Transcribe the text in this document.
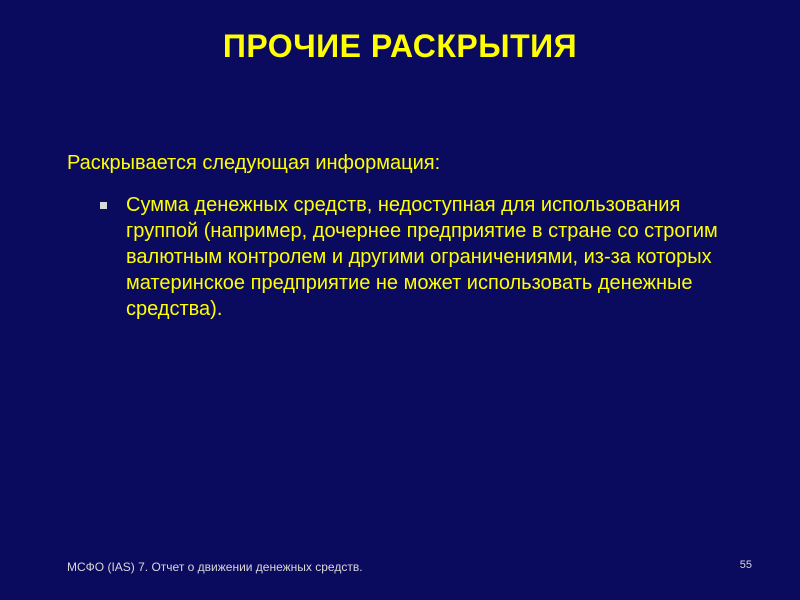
ПРОЧИЕ РАСКРЫТИЯ
Раскрывается следующая информация:
Сумма денежных средств, недоступная для использования группой (например, дочернее предприятие в стране со строгим валютным контролем и другими ограничениями, из-за которых материнское предприятие не может использовать денежные средства).
МСФО (IAS) 7. Отчет о движении денежных средств.	55
